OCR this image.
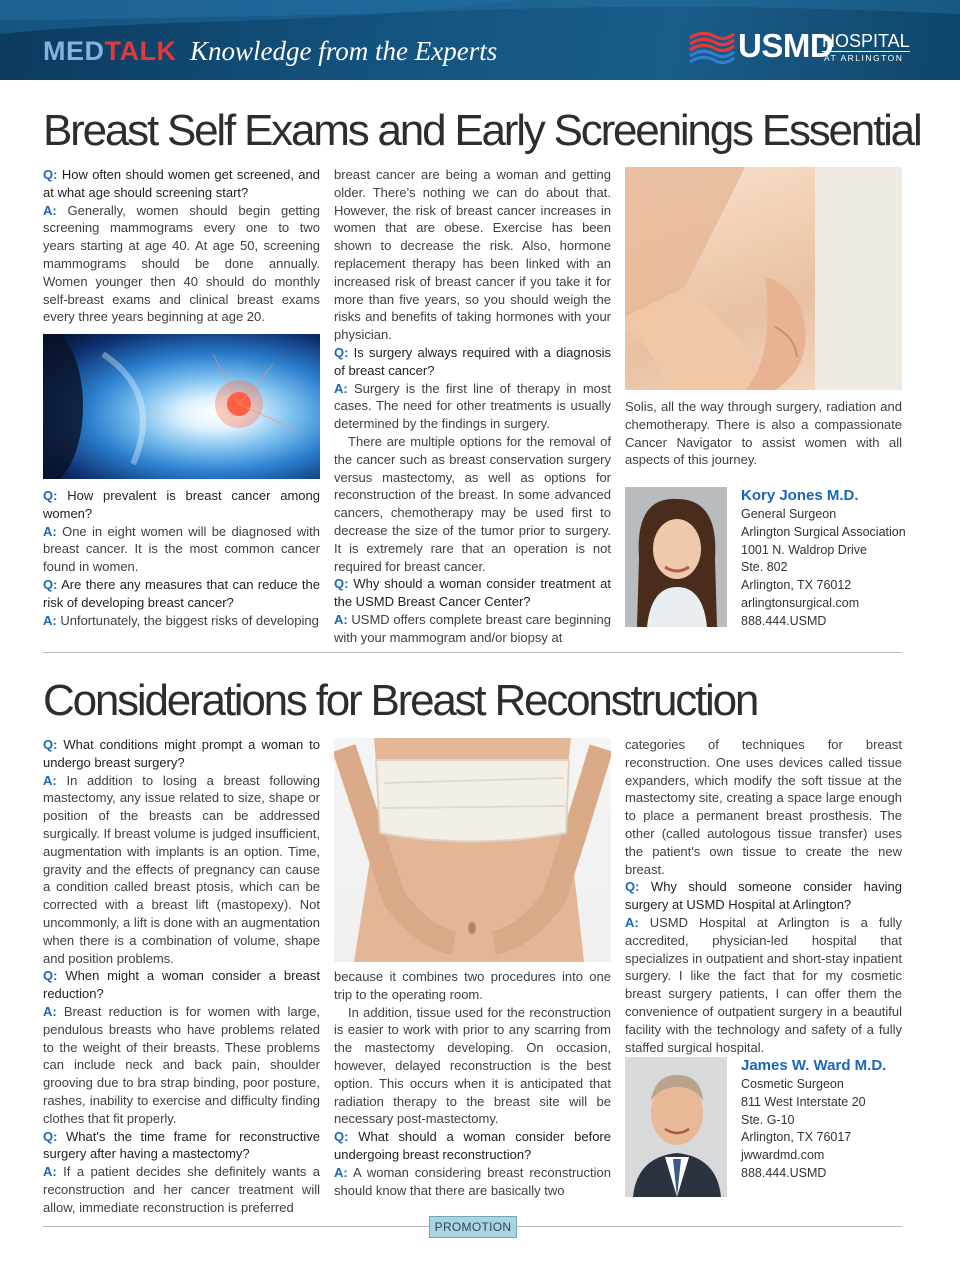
MEDTALK Knowledge from the Experts	USMD
HOSPITAL
AT ARLINGTON
Breast Self Exams and Early Screenings Essential

Q: How often should women get screened, and at what age should screening start?

A: Generally, women should begin getting screening mammograms every one to two years starting at age 40. At age 50, screening mammograms should be done annually. Women younger then 40 should do monthly self-breast exams and clinical breast exams every three years beginning at age 20.

Q: How prevalent is breast cancer among women?

A: One in eight women will be diagnosed with breast cancer. It is the most common cancer found in women.

Q: Are there any measures that can reduce the risk of developing breast cancer?

A: Unfortunately, the biggest risks of developing

breast cancer are being a woman and getting older. There's nothing we can do about that. However, the risk of breast cancer increases in women that are obese. Exercise has been shown to decrease the risk. Also, hormone replacement therapy has been linked with an increased risk of breast cancer if you take it for more than five years, so you should weigh the risks and benefits of taking hormones with your physician.

Q: Is surgery always required with a diagnosis of breast cancer?

A: Surgery is the first line of therapy in most cases. The need for other treatments is usually determined by the findings in surgery.

There are multiple options for the removal of the cancer such as breast conservation surgery versus mastectomy, as well as options for reconstruction of the breast. In some advanced cancers, chemotherapy may be used first to decrease the size of the tumor prior to surgery. It is extremely rare that an operation is not required for breast cancer.

Q: Why should a woman consider treatment at the USMD Breast Cancer Center?

A: USMD offers complete breast care beginning with your mammogram and/or biopsy at

Solis, all the way through surgery, radiation and chemotherapy. There is also a compassionate Cancer Navigator to assist women with all aspects of this journey.

Kory Jones M.D.
General Surgeon
Arlington Surgical Association
1001 N. Waldrop Drive
Ste. 802
Arlington, TX 76012
arlingtonsurgical.com
888.444.USMD
Considerations for Breast Reconstruction

Q: What conditions might prompt a woman to undergo breast surgery?

A: In addition to losing a breast following mastectomy, any issue related to size, shape or position of the breasts can be addressed surgically. If breast volume is judged insufficient, augmentation with implants is an option. Time, gravity and the effects of pregnancy can cause a condition called breast ptosis, which can be corrected with a breast lift (mastopexy). Not uncommonly, a lift is done with an augmentation when there is a combination of volume, shape and position problems.

Q: When might a woman consider a breast reduction?

A: Breast reduction is for women with large, pendulous breasts who have problems related to the weight of their breasts. These problems can include neck and back pain, shoulder grooving due to bra strap binding, poor posture, rashes, inability to exercise and difficulty finding clothes that fit properly.

Q: What's the time frame for reconstructive surgery after having a mastectomy?

A: If a patient decides she definitely wants a reconstruction and her cancer treatment will allow, immediate reconstruction is preferred

because it combines two procedures into one trip to the operating room.

In addition, tissue used for the reconstruction is easier to work with prior to any scarring from the mastectomy developing. On occasion, however, delayed reconstruction is the best option. This occurs when it is anticipated that radiation therapy to the breast site will be necessary post-mastectomy.

Q: What should a woman consider before undergoing breast reconstruction?

A: A woman considering breast reconstruction should know that there are basically two

categories of techniques for breast reconstruction. One uses devices called tissue expanders, which modify the soft tissue at the mastectomy site, creating a space large enough to place a permanent breast prosthesis. The other (called autologous tissue transfer) uses the patient's own tissue to create the new breast.

Q: Why should someone consider having surgery at USMD Hospital at Arlington?

A: USMD Hospital at Arlington is a fully accredited, physician-led hospital that specializes in outpatient and short-stay inpatient surgery. I like the fact that for my cosmetic breast surgery patients, I can offer them the convenience of outpatient surgery in a beautiful facility with the technology and safety of a fully staffed surgical hospital.

James W. Ward M.D.
Cosmetic Surgeon
811 West Interstate 20
Ste. G-10
Arlington, TX 76017
jwwardmd.com
888.444.USMD
PROMOTION
